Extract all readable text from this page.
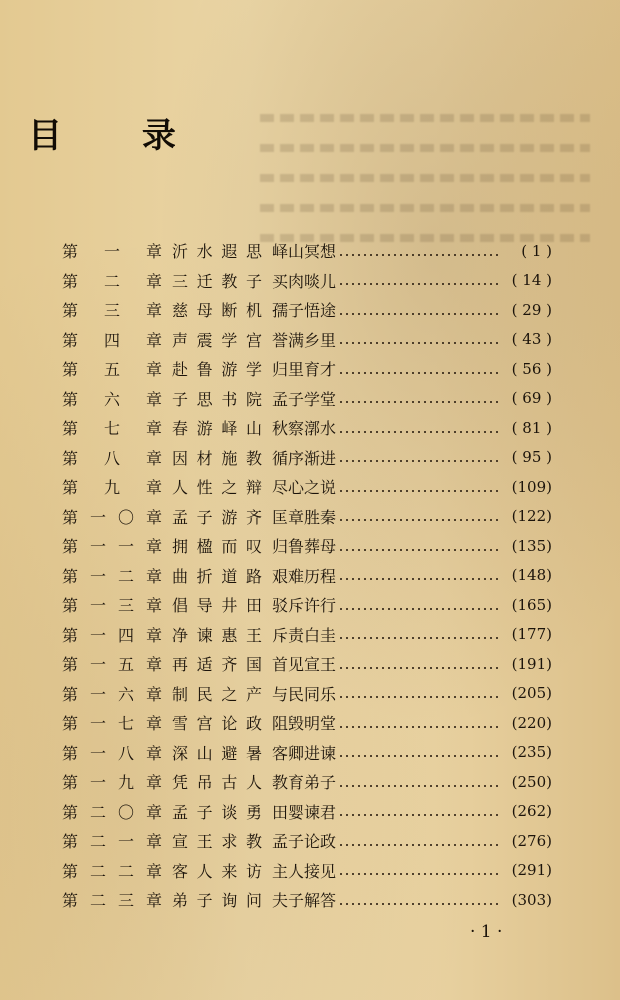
目 录
第一章 沂水遐思 峄山冥想	( 1 )
第二章 三迁教子 买肉啖儿	( 14 )
第三章 慈母断机 孺子悟途	( 29 )
第四章 声震学宫 誉满乡里	( 43 )
第五章 赴鲁游学 归里育才	( 56 )
第六章 子思书院 孟子学堂	( 69 )
第七章 春游峄山 秋察漷水	( 81 )
第八章 因材施教 循序渐进	( 95 )
第九章 人性之辩 尽心之说	(109)
第一〇章 孟子游齐 匡章胜秦	(122)
第一一章 拥楹而叹 归鲁葬母	(135)
第一二章 曲折道路 艰难历程	(148)
第一三章 倡导井田 驳斥许行	(165)
第一四章 净谏惠王 斥责白圭	(177)
第一五章 再适齐国 首见宣王	(191)
第一六章 制民之产 与民同乐	(205)
第一七章 雪宫论政 阻毁明堂	(220)
第一八章 深山避暑 客卿进谏	(235)
第一九章 凭吊古人 教育弟子	(250)
第二〇章 孟子谈勇 田婴谏君	(262)
第二一章 宣王求教 孟子论政	(276)
第二二章 客人来访 主人接见	(291)
第二三章 弟子询问 夫子解答	(303)
· 1 ·
